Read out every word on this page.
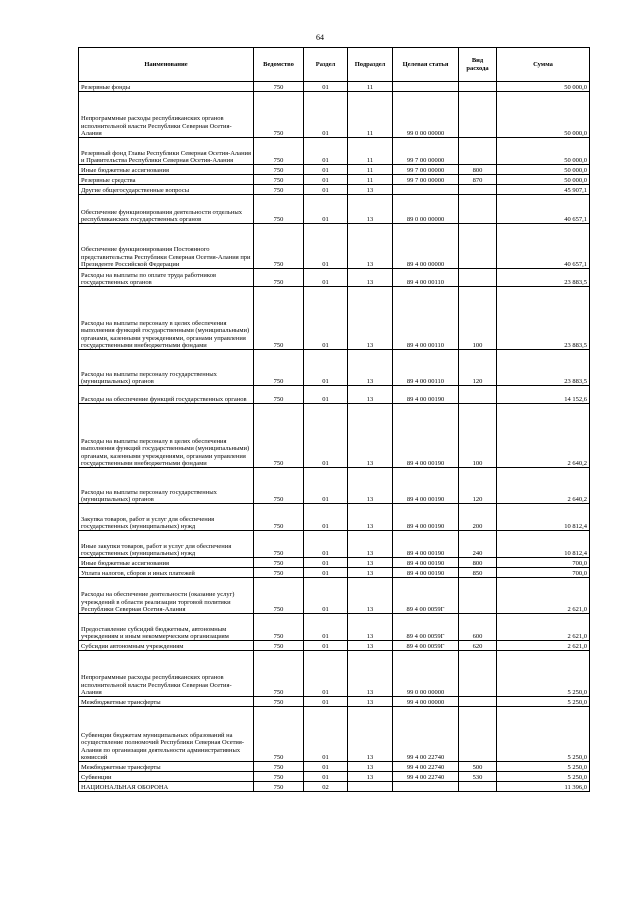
64
Наименование	Ведомство	Раздел	Подраздел	Целевая статья	Вид расхода	Сумма
Резервные фонды	750	01	11			50 000,0
Непрограммные расходы республиканских органов исполнительной власти Республики Северная Осетия-Алания	750	01	11	99 0 00 00000		50 000,0
Резервный фонд Главы Республики Северная Осетия-Алания и Правительства Республики Северная Осетия-Алания	750	01	11	99 7 00 00000		50 000,0
Иные бюджетные ассигнования	750	01	11	99 7 00 00000	800	50 000,0
Резервные средства	750	01	11	99 7 00 00000	870	50 000,0
Другие общегосударственные вопросы	750	01	13			45 907,1
Обеспечение функционирования деятельности отдельных республиканских государственных органов	750	01	13	89 0 00 00000		40 657,1
Обеспечение функционирования Постоянного представительства Республики Северная Осетия-Алания при Президенте Российской Федерации	750	01	13	89 4 00 00000		40 657,1
Расходы на выплаты по оплате труда работников государственных органов	750	01	13	89 4 00 00110		23 883,5
Расходы на выплаты персоналу в целях обеспечения выполнения функций государственными (муниципальными) органами, казенными учреждениями, органами управления государственными внебюджетными фондами	750	01	13	89 4 00 00110	100	23 883,5
Расходы на выплаты персоналу государственных (муниципальных) органов	750	01	13	89 4 00 00110	120	23 883,5
Расходы на обеспечение функций государственных органов	750	01	13	89 4 00 00190		14 152,6
Расходы на выплаты персоналу в целях обеспечения выполнения функций государственными (муниципальными) органами, казенными учреждениями, органами управления государственными внебюджетными фондами	750	01	13	89 4 00 00190	100	2 640,2
Расходы на выплаты персоналу государственных (муниципальных) органов	750	01	13	89 4 00 00190	120	2 640,2
Закупка товаров, работ и услуг для обеспечения государственных (муниципальных) нужд	750	01	13	89 4 00 00190	200	10 812,4
Иные закупки товаров, работ и услуг для обеспечения государственных (муниципальных) нужд	750	01	13	89 4 00 00190	240	10 812,4
Иные бюджетные ассигнования	750	01	13	89 4 00 00190	800	700,0
Уплата налогов, сборов и иных платежей	750	01	13	89 4 00 00190	850	700,0
Расходы на обеспечение деятельности (оказание услуг) учреждений в области реализации торговой политики Республики Северная Осетия-Алания	750	01	13	89 4 00 0059Г		2 621,0
Предоставление субсидий бюджетным, автономным учреждениям и иным некоммерческим организациям	750	01	13	89 4 00 0059Г	600	2 621,0
Субсидии автономным учреждениям	750	01	13	89 4 00 0059Г	620	2 621,0
Непрограммные расходы республиканских органов исполнительной власти Республики Северная Осетия-Алания	750	01	13	99 0 00 00000		5 250,0
Межбюджетные трансферты	750	01	13	99 4 00 00000		5 250,0
Субвенции бюджетам муниципальных образований на осуществление полномочий Республики Северная Осетия-Алания по организации деятельности административных комиссий	750	01	13	99 4 00 22740		5 250,0
Межбюджетные трансферты	750	01	13	99 4 00 22740	500	5 250,0
Субвенции	750	01	13	99 4 00 22740	530	5 250,0
НАЦИОНАЛЬНАЯ ОБОРОНА	750	02				11 396,0
